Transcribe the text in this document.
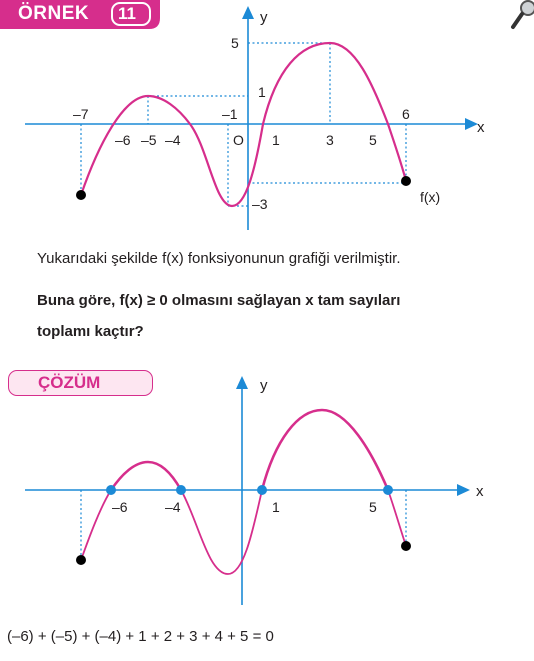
ÖRNEK 11	y
x
O
f(x)
–7
–6 –5 –4
–1
1	3	5
6
5
1
–3
Yukarıdaki şekilde f(x) fonksiyonunun grafiği verilmiştir.
Buna göre, f(x) ≥ 0 olmasını sağlayan x tam sayıları
toplamı kaçtır?
ÇÖZÜM	y
x
–6	–4	1	5
(–6) + (–5) + (–4) + 1 + 2 + 3 + 4 + 5 = 0
